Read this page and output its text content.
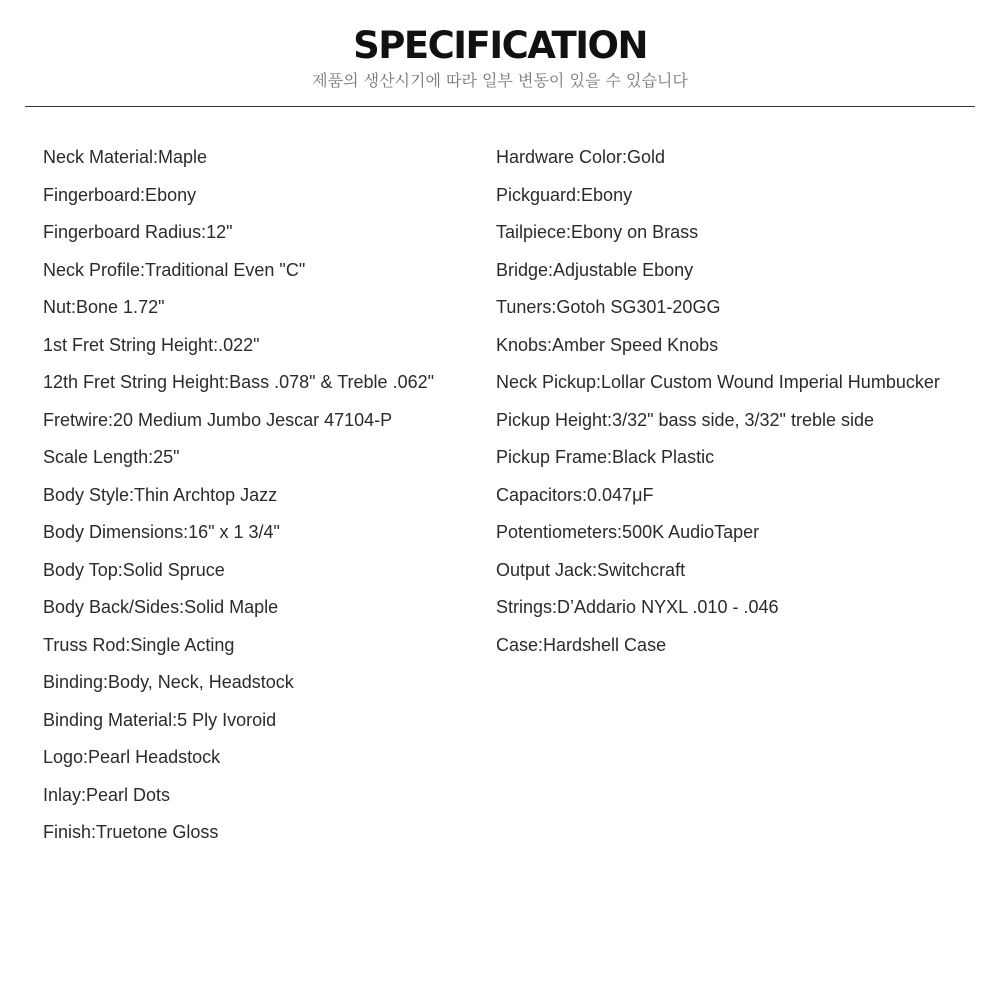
SPECIFICATION
제품의 생산시기에 따라 일부 변동이 있을 수 있습니다
Neck Material:Maple
Fingerboard:Ebony
Fingerboard Radius:12"
Neck Profile:Traditional Even "C"
Nut:Bone 1.72"
1st Fret String Height:.022"
12th Fret String Height:Bass .078" & Treble .062"
Fretwire:20 Medium Jumbo Jescar 47104-P
Scale Length:25"
Body Style:Thin Archtop Jazz
Body Dimensions:16" x 1 3/4"
Body Top:Solid Spruce
Body Back/Sides:Solid Maple
Truss Rod:Single Acting
Binding:Body, Neck, Headstock
Binding Material:5 Ply Ivoroid
Logo:Pearl Headstock
Inlay:Pearl Dots
Finish:Truetone Gloss
Hardware Color:Gold
Pickguard:Ebony
Tailpiece:Ebony on Brass
Bridge:Adjustable Ebony
Tuners:Gotoh SG301-20GG
Knobs:Amber Speed Knobs
Neck Pickup:Lollar Custom Wound Imperial Humbucker
Pickup Height:3/32" bass side, 3/32" treble side
Pickup Frame:Black Plastic
Capacitors:0.047μF
Potentiometers:500K AudioTaper
Output Jack:Switchcraft
Strings:D’Addario NYXL .010 - .046
Case:Hardshell Case
